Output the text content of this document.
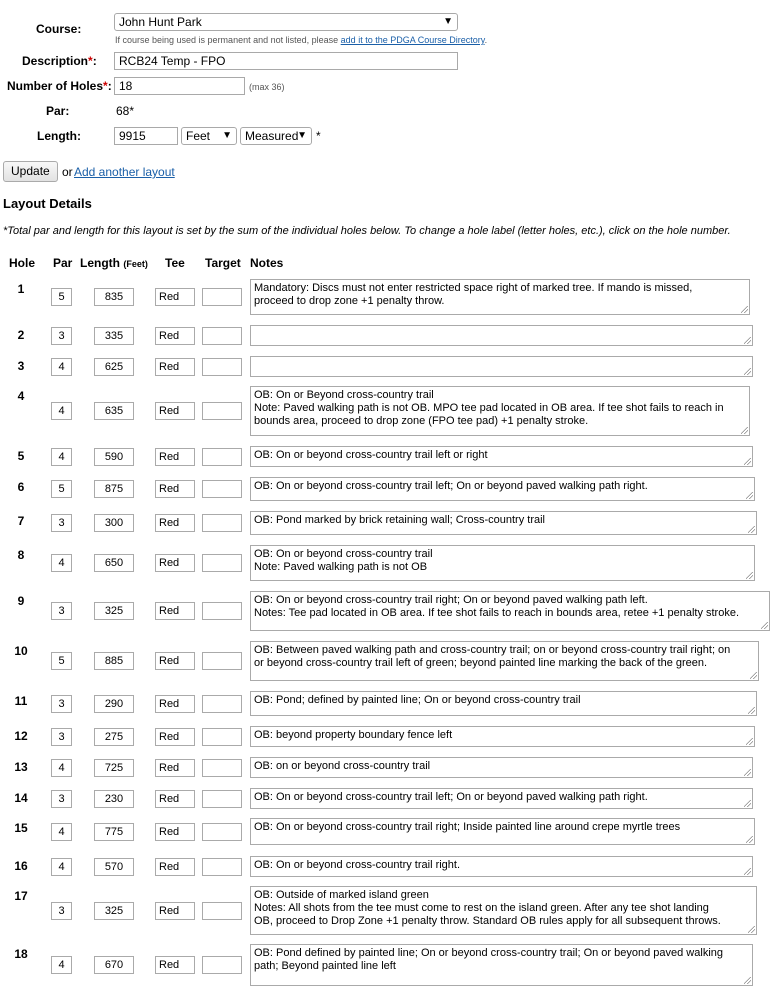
Course:	John Hunt Park	▼
If course being used is permanent and not listed, please add it to the PDGA Course Directory.
Description*:	RCB24 Temp - FPO
Number of Holes*: 18	(max 36)
Par:	68*
Length:	9915	Feet ▼	Measured
▼ *
Update	or Add another layout
Layout Details
*Total par and length for this layout is set by the sum of the individual holes below. To change a hole label (letter holes, etc.), click on the hole number.
Hole Par Length (Feet) Tee Target Notes
1
5	835	Red
Mandatory: Discs must not enter restricted space right of marked tree. If mando is missed,
proceed to drop zone +1 penalty throw.
2	3	335	Red
3	4	625	Red
4
4	635	Red
OB: On or Beyond cross-country trail
Note: Paved walking path is not OB. MPO tee pad located in OB area. If tee shot fails to reach in
bounds area, proceed to drop zone (FPO tee pad) +1 penalty stroke.
5	4	590	Red	OB: On or beyond cross-country trail left or right
6	5	875	Red	OB: On or beyond cross-country trail left; On or beyond paved walking path right.
7	3	300	Red	OB: Pond marked by brick retaining wall; Cross-country trail
8
4	650	Red
OB: On or beyond cross-country trail
Note: Paved walking path is not OB
9
3	325	Red
OB: On or beyond cross-country trail right; On or beyond paved walking path left.
Notes: Tee pad located in OB area. If tee shot fails to reach in bounds area, retee +1 penalty stroke.
10
5	885	Red
OB: Between paved walking path and cross-country trail; on or beyond cross-country trail right; on
or beyond cross-country trail left of green; beyond painted line marking the back of the green.
11	3	290	Red	OB: Pond; defined by painted line; On or beyond cross-country trail
12	3	275	Red	OB: beyond property boundary fence left
13	4	725	Red	OB: on or beyond cross-country trail
14	3	230	Red	OB: On or beyond cross-country trail left; On or beyond paved walking path right.
15	4	775	Red	OB: On or beyond cross-country trail right; Inside painted line around crepe myrtle trees
16	4	570	Red	OB: On or beyond cross-country trail right.
17
3	325	Red
OB: Outside of marked island green
Notes: All shots from the tee must come to rest on the island green. After any tee shot landing
OB, proceed to Drop Zone +1 penalty throw. Standard OB rules apply for all subsequent throws.
18
4	670	Red
OB: Pond defined by painted line; On or beyond cross-country trail; On or beyond paved walking
path; Beyond painted line left
